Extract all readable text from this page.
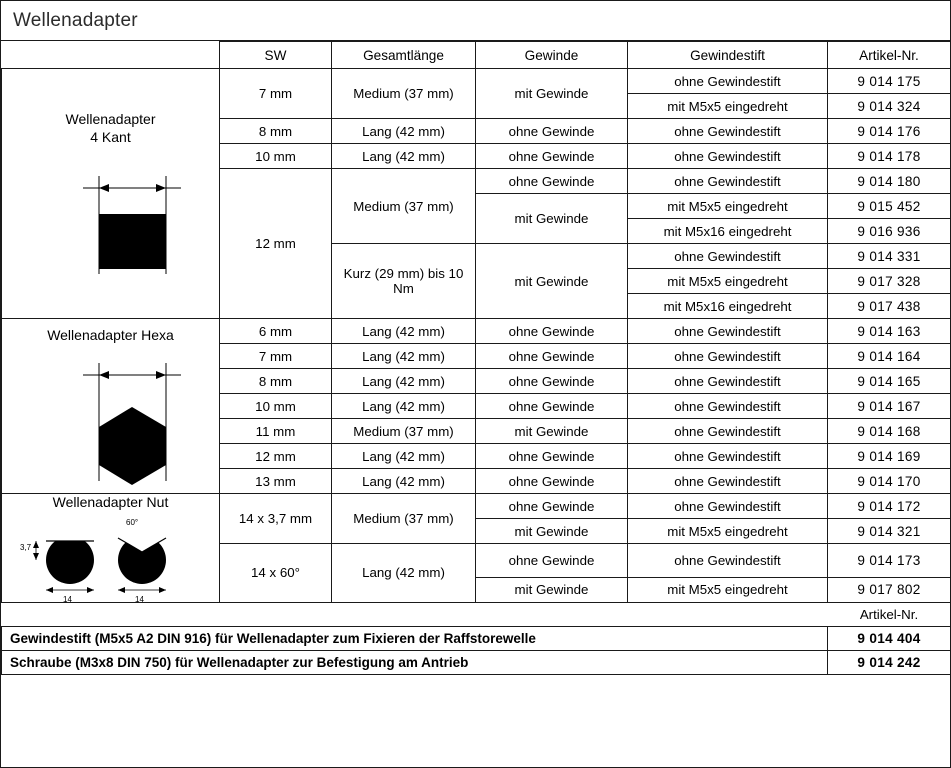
Wellenadapter
	SW	Gesamtlänge	Gewinde	Gewindestift	Artikel-Nr.

Wellenadapter
4 Kant	7 mm	Medium (37 mm)	mit Gewinde	ohne Gewindestift	9 014 175
				mit M5x5 eingedreht	9 014 324
	8 mm	Lang (42 mm)	ohne Gewinde	ohne Gewindestift	9 014 176
	10 mm	Lang (42 mm)	ohne Gewinde	ohne Gewindestift	9 014 178
	12 mm	Medium (37 mm)	ohne Gewinde	ohne Gewindestift	9 014 180
			mit Gewinde	mit M5x5 eingedreht	9 015 452
				mit M5x16 eingedreht	9 016 936
		Kurz (29 mm) bis 10 Nm	mit Gewinde	ohne Gewindestift	9 014 331
				mit M5x5 eingedreht	9 017 328
				mit M5x16 eingedreht	9 017 438

Wellenadapter Hexa	6 mm	Lang (42 mm)	ohne Gewinde	ohne Gewindestift	9 014 163
	7 mm	Lang (42 mm)	ohne Gewinde	ohne Gewindestift	9 014 164
	8 mm	Lang (42 mm)	ohne Gewinde	ohne Gewindestift	9 014 165
	10 mm	Lang (42 mm)	ohne Gewinde	ohne Gewindestift	9 014 167
	11 mm	Medium (37 mm)	mit Gewinde	ohne Gewindestift	9 014 168
	12 mm	Lang (42 mm)	ohne Gewinde	ohne Gewindestift	9 014 169
	13 mm	Lang (42 mm)	ohne Gewinde	ohne Gewindestift	9 014 170

Wellenadapter Nut
3,7
60°
14 14	14 x 3,7 mm	Medium (37 mm)	ohne Gewinde	ohne Gewindestift	9 014 172
			mit Gewinde	mit M5x5 eingedreht	9 014 321
	14 x 60°	Lang (42 mm)	ohne Gewinde	ohne Gewindestift	9 014 173
			mit Gewinde	mit M5x5 eingedreht	9 017 802
	Artikel-Nr.
Gewindestift (M5x5 A2 DIN 916) für Wellenadapter zum Fixieren der Raffstorewelle	9 014 404
Schraube (M3x8 DIN 750) für Wellenadapter zur Befestigung am Antrieb	9 014 242
